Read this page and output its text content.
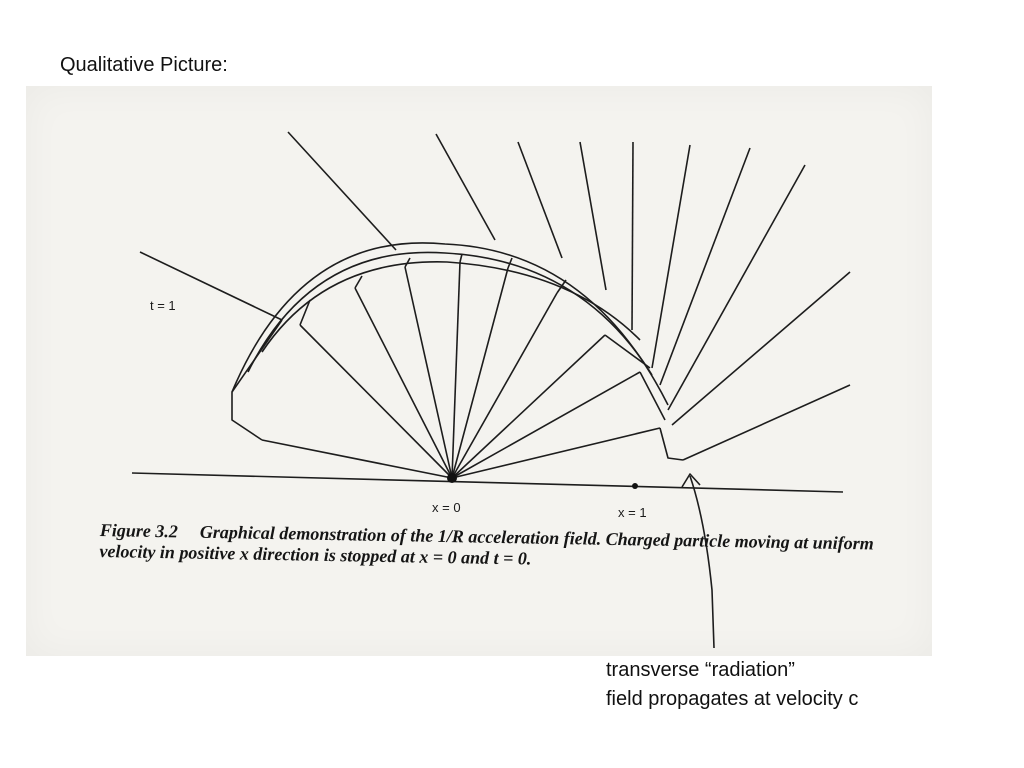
Qualitative Picture:
t = 1
x = 0	x = 1
Figure 3.2 Graphical demonstration of the 1/R acceleration field. Charged particle moving at uniform velocity in positive x direction is stopped at x = 0 and t = 0.
transverse “radiation”
field propagates at velocity c
